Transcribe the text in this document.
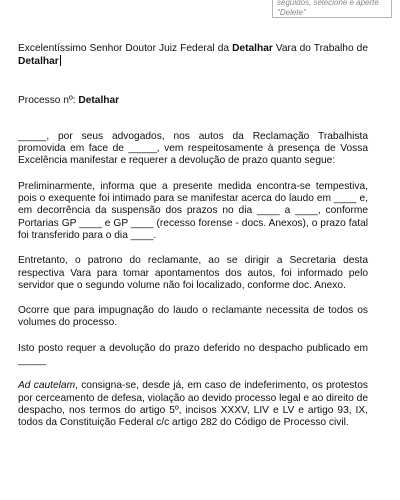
seguidos, selecione e aperte
"Delete"

Excelentíssimo Senhor Doutor Juiz Federal da Detalhar Vara do Trabalho de Detalhar

Processo nº: Detalhar

_____, por seus advogados, nos autos da Reclamação Trabalhista promovida em face de _____, vem respeitosamente à presença de Vossa Excelência manifestar e requerer a devolução de prazo quanto segue:

Preliminarmente, informa que a presente medida encontra-se tempestiva, pois o exequente foi intimado para se manifestar acerca do laudo em ____ e, em decorrência da suspensão dos prazos no dia ____ a ____, conforme Portarias GP ____ e GP ____ (recesso forense - docs. Anexos), o prazo fatal foi transferido para o dia ____.

Entretanto, o patrono do reclamante, ao se dirigir a Secretaria desta respectiva Vara para tomar apontamentos dos autos, foi informado pelo servidor que o segundo volume não foi localizado, conforme doc. Anexo.

Ocorre que para impugnação do laudo o reclamante necessita de todos os volumes do processo.

Isto posto requer a devolução do prazo deferido no despacho publicado em _____

Ad cautelam, consigna-se, desde já, em caso de indeferimento, os protestos por cerceamento de defesa, violação ao devido processo legal e ao direito de despacho, nos termos do artigo 5º, incisos XXXV, LIV e LV e artigo 93, IX, todos da Constituição Federal c/c artigo 282 do Código de Processo civil.
